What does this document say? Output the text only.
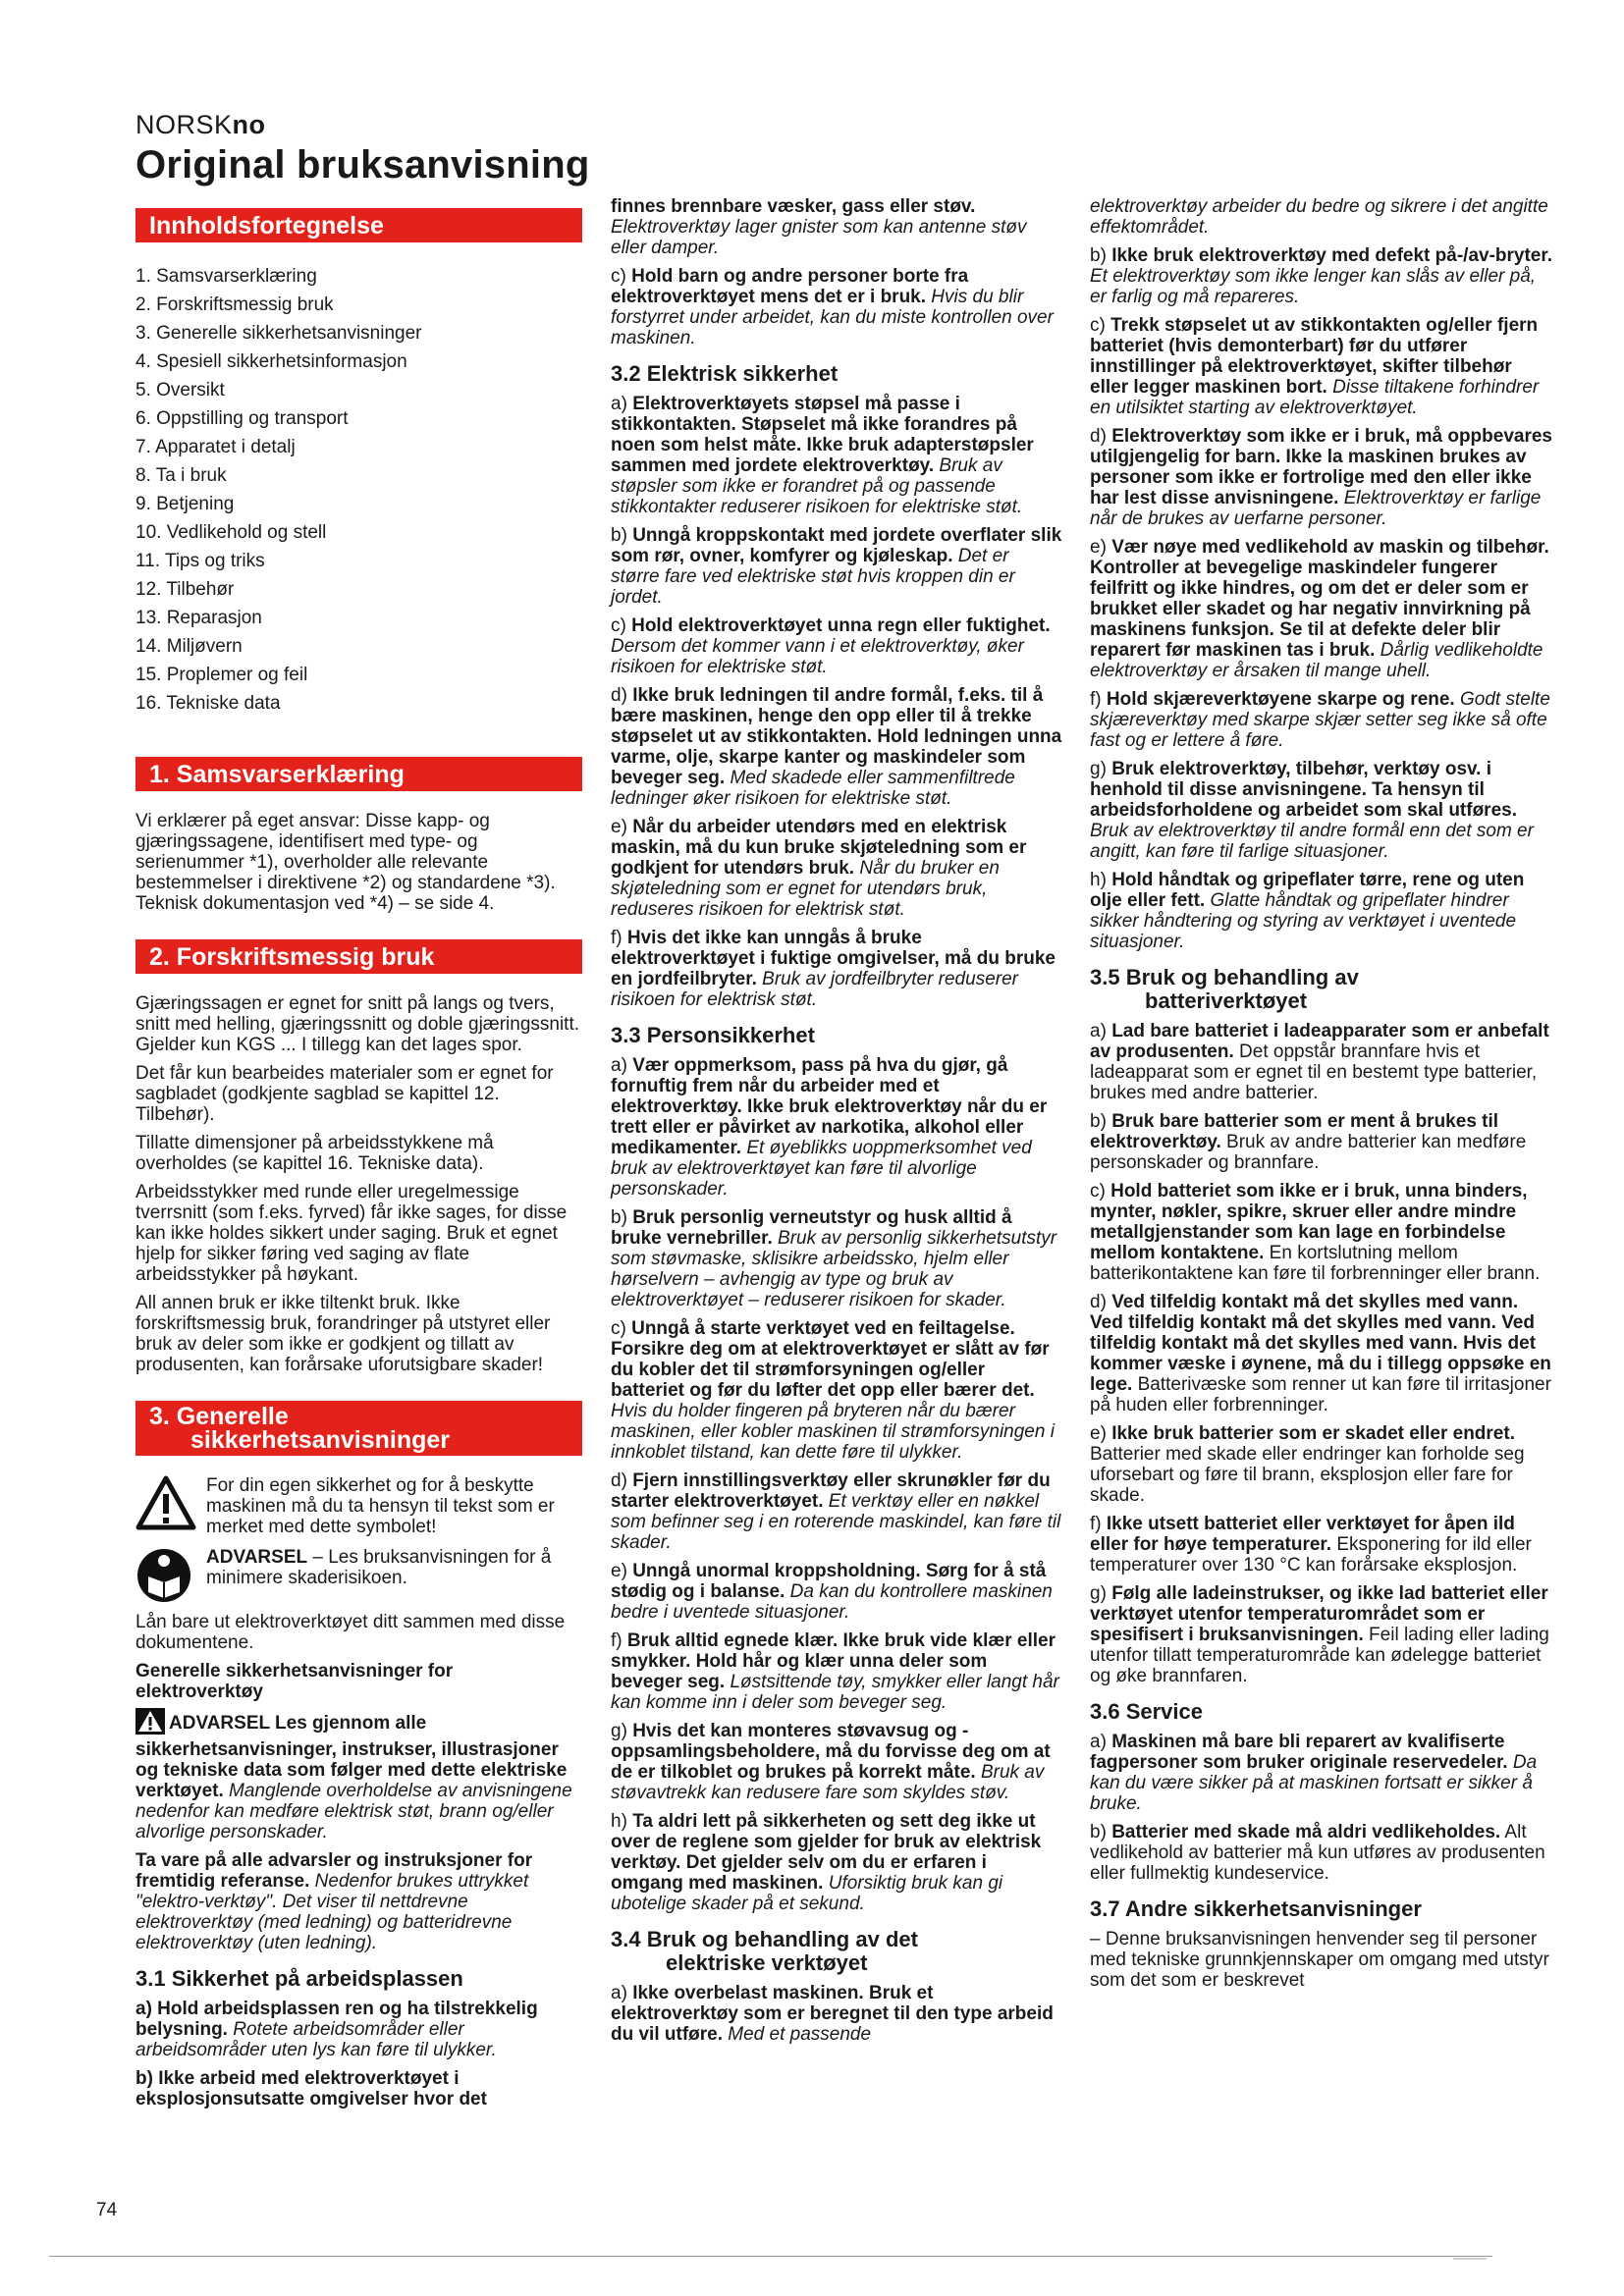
NORSKno
Original bruksanvisning
Innholdsfortegnelse
1. Samsvarserklæring
2. Forskriftsmessig bruk
3. Generelle sikkerhetsanvisninger
4. Spesiell sikkerhetsinformasjon
5. Oversikt
6. Oppstilling og transport
7. Apparatet i detalj
8. Ta i bruk
9. Betjening
10. Vedlikehold og stell
11. Tips og triks
12. Tilbehør
13. Reparasjon
14. Miljøvern
15. Proplemer og feil
16. Tekniske data
1. Samsvarserklæring

Vi erklærer på eget ansvar: Disse kapp- og gjæringssagene, identifisert med type- og serienummer *1), overholder alle relevante bestemmelser i direktivene *2) og standardene *3). Teknisk dokumentasjon ved *4) – se side 4.

2. Forskriftsmessig bruk

Gjæringssagen er egnet for snitt på langs og tvers, snitt med helling, gjæringssnitt og doble gjæringssnitt.
Gjelder kun KGS ... I tillegg kan det lages spor.

Det får kun bearbeides materialer som er egnet for sagbladet (godkjente sagblad se kapittel 12. Tilbehør).

Tillatte dimensjoner på arbeidsstykkene må overholdes (se kapittel 16. Tekniske data).

Arbeidsstykker med runde eller uregelmessige tverrsnitt (som f.eks. fyrved) får ikke sages, for disse kan ikke holdes sikkert under saging. Bruk et egnet hjelp for sikker føring ved saging av flate arbeidsstykker på høykant.

All annen bruk er ikke tiltenkt bruk. Ikke forskriftsmessig bruk, forandringer på utstyret eller bruk av deler som ikke er godkjent og tillatt av produsenten, kan forårsake uforutsigbare skader!

3. Generelle
sikkerhetsanvisninger

For din egen sikkerhet og for å beskytte maskinen må du ta hensyn til tekst som er merket med dette symbolet!

ADVARSEL – Les bruksanvisningen for å minimere skaderisikoen.

Lån bare ut elektroverktøyet ditt sammen med disse dokumentene.

Generelle sikkerhetsanvisninger for elektroverktøy

ADVARSEL Les gjennom alle sikkerhetsanvisninger, instrukser, illustrasjoner og tekniske data som følger med dette elektriske verktøyet. Manglende overholdelse av anvisningene nedenfor kan medføre elektrisk støt, brann og/eller alvorlige personskader.

Ta vare på alle advarsler og instruksjoner for fremtidig referanse. Nedenfor brukes uttrykket "elektro-verktøy". Det viser til nettdrevne elektroverktøy (med ledning) og batteridrevne elektroverktøy (uten ledning).

3.1 Sikkerhet på arbeidsplassen

a) Hold arbeidsplassen ren og ha tilstrekkelig belysning. Rotete arbeidsområder eller arbeidsområder uten lys kan føre til ulykker.

b) Ikke arbeid med elektroverktøyet i eksplosjonsutsatte omgivelser hvor det

finnes brennbare væsker, gass eller støv. Elektroverktøy lager gnister som kan antenne støv eller damper.

c) Hold barn og andre personer borte fra elektroverktøyet mens det er i bruk. Hvis du blir forstyrret under arbeidet, kan du miste kontrollen over maskinen.

3.2 Elektrisk sikkerhet

a) Elektroverktøyets støpsel må passe i stikkontakten. Støpselet må ikke forandres på noen som helst måte. Ikke bruk adapterstøpsler sammen med jordete elektroverktøy. Bruk av støpsler som ikke er forandret på og passende stikkontakter reduserer risikoen for elektriske støt.

b) Unngå kroppskontakt med jordete overflater slik som rør, ovner, komfyrer og kjøleskap. Det er større fare ved elektriske støt hvis kroppen din er jordet.

c) Hold elektroverktøyet unna regn eller fuktighet. Dersom det kommer vann i et elektroverktøy, øker risikoen for elektriske støt.

d) Ikke bruk ledningen til andre formål, f.eks. til å bære maskinen, henge den opp eller til å trekke støpselet ut av stikkontakten. Hold ledningen unna varme, olje, skarpe kanter og maskindeler som beveger seg. Med skadede eller sammenfiltrede ledninger øker risikoen for elektriske støt.

e) Når du arbeider utendørs med en elektrisk maskin, må du kun bruke skjøteledning som er godkjent for utendørs bruk. Når du bruker en skjøteledning som er egnet for utendørs bruk, reduseres risikoen for elektrisk støt.

f) Hvis det ikke kan unngås å bruke elektroverktøyet i fuktige omgivelser, må du bruke en jordfeilbryter. Bruk av jordfeilbryter reduserer risikoen for elektrisk støt.

3.3 Personsikkerhet

a) Vær oppmerksom, pass på hva du gjør, gå fornuftig frem når du arbeider med et elektroverktøy. Ikke bruk elektroverktøy når du er trett eller er påvirket av narkotika, alkohol eller medikamenter. Et øyeblikks uoppmerksomhet ved bruk av elektroverktøyet kan føre til alvorlige personskader.

b) Bruk personlig verneutstyr og husk alltid å bruke vernebriller. Bruk av personlig sikkerhetsutstyr som støvmaske, sklisikre arbeidssko, hjelm eller hørselvern – avhengig av type og bruk av elektroverktøyet – reduserer risikoen for skader.

c) Unngå å starte verktøyet ved en feiltagelse. Forsikre deg om at elektroverktøyet er slått av før du kobler det til strømforsyningen og/eller batteriet og før du løfter det opp eller bærer det. Hvis du holder fingeren på bryteren når du bærer maskinen, eller kobler maskinen til strømforsyningen i innkoblet tilstand, kan dette føre til ulykker.

d) Fjern innstillingsverktøy eller skrunøkler før du starter elektroverktøyet. Et verktøy eller en nøkkel som befinner seg i en roterende maskindel, kan føre til skader.

e) Unngå unormal kroppsholdning. Sørg for å stå stødig og i balanse. Da kan du kontrollere maskinen bedre i uventede situasjoner.

f) Bruk alltid egnede klær. Ikke bruk vide klær eller smykker. Hold hår og klær unna deler som beveger seg. Løstsittende tøy, smykker eller langt hår kan komme inn i deler som beveger seg.

g) Hvis det kan monteres støvavsug og -oppsamlingsbeholdere, må du forvisse deg om at de er tilkoblet og brukes på korrekt måte. Bruk av støvavtrekk kan redusere fare som skyldes støv.

h) Ta aldri lett på sikkerheten og sett deg ikke ut over de reglene som gjelder for bruk av elektrisk verktøy. Det gjelder selv om du er erfaren i omgang med maskinen. Uforsiktig bruk kan gi ubotelige skader på et sekund.

3.4 Bruk og behandling av det
elektriske verktøyet

a) Ikke overbelast maskinen. Bruk et elektroverktøy som er beregnet til den type arbeid du vil utføre. Med et passende

elektroverktøy arbeider du bedre og sikrere i det angitte effektområdet.

b) Ikke bruk elektroverktøy med defekt på-/av-bryter. Et elektroverktøy som ikke lenger kan slås av eller på, er farlig og må repareres.

c) Trekk støpselet ut av stikkontakten og/eller fjern batteriet (hvis demonterbart) før du utfører innstillinger på elektroverktøyet, skifter tilbehør eller legger maskinen bort. Disse tiltakene forhindrer en utilsiktet starting av elektroverktøyet.

d) Elektroverktøy som ikke er i bruk, må oppbevares utilgjengelig for barn. Ikke la maskinen brukes av personer som ikke er fortrolige med den eller ikke har lest disse anvisningene. Elektroverktøy er farlige når de brukes av uerfarne personer.

e) Vær nøye med vedlikehold av maskin og tilbehør. Kontroller at bevegelige maskindeler fungerer feilfritt og ikke hindres, og om det er deler som er brukket eller skadet og har negativ innvirkning på maskinens funksjon. Se til at defekte deler blir reparert før maskinen tas i bruk. Dårlig vedlikeholdte elektroverktøy er årsaken til mange uhell.

f) Hold skjæreverktøyene skarpe og rene. Godt stelte skjæreverktøy med skarpe skjær setter seg ikke så ofte fast og er lettere å føre.

g) Bruk elektroverktøy, tilbehør, verktøy osv. i henhold til disse anvisningene. Ta hensyn til arbeidsforholdene og arbeidet som skal utføres. Bruk av elektroverktøy til andre formål enn det som er angitt, kan føre til farlige situasjoner.

h) Hold håndtak og gripeflater tørre, rene og uten olje eller fett. Glatte håndtak og gripeflater hindrer sikker håndtering og styring av verktøyet i uventede situasjoner.

3.5 Bruk og behandling av
batteriverktøyet

a) Lad bare batteriet i ladeapparater som er anbefalt av produsenten. Det oppstår brannfare hvis et ladeapparat som er egnet til en bestemt type batterier, brukes med andre batterier.

b) Bruk bare batterier som er ment å brukes til elektroverktøy. Bruk av andre batterier kan medføre personskader og brannfare.

c) Hold batteriet som ikke er i bruk, unna binders, mynter, nøkler, spikre, skruer eller andre mindre metallgjenstander som kan lage en forbindelse mellom kontaktene. En kortslutning mellom batterikontaktene kan føre til forbrenninger eller brann.

d) Ved tilfeldig kontakt må det skylles med vann. Ved tilfeldig kontakt må det skylles med vann. Ved tilfeldig kontakt må det skylles med vann. Hvis det kommer væske i øynene, må du i tillegg oppsøke en lege. Batterivæske som renner ut kan føre til irritasjoner på huden eller forbrenninger.

e) Ikke bruk batterier som er skadet eller endret. Batterier med skade eller endringer kan forholde seg uforsebart og føre til brann, eksplosjon eller fare for skade.

f) Ikke utsett batteriet eller verktøyet for åpen ild eller for høye temperaturer. Eksponering for ild eller temperaturer over 130 °C kan forårsake eksplosjon.

g) Følg alle ladeinstrukser, og ikke lad batteriet eller verktøyet utenfor temperaturområdet som er spesifisert i bruksanvisningen. Feil lading eller lading utenfor tillatt temperaturområde kan ødelegge batteriet og øke brannfaren.

3.6 Service

a) Maskinen må bare bli reparert av kvalifiserte fagpersoner som bruker originale reservedeler. Da kan du være sikker på at maskinen fortsatt er sikker å bruke.

b) Batterier med skade må aldri vedlikeholdes. Alt vedlikehold av batterier må kun utføres av produsenten eller fullmektig kundeservice.

3.7 Andre sikkerhetsanvisninger

– Denne bruksanvisningen henvender seg til personer med tekniske grunnkjennskaper om omgang med utstyr som det som er beskrevet

74
